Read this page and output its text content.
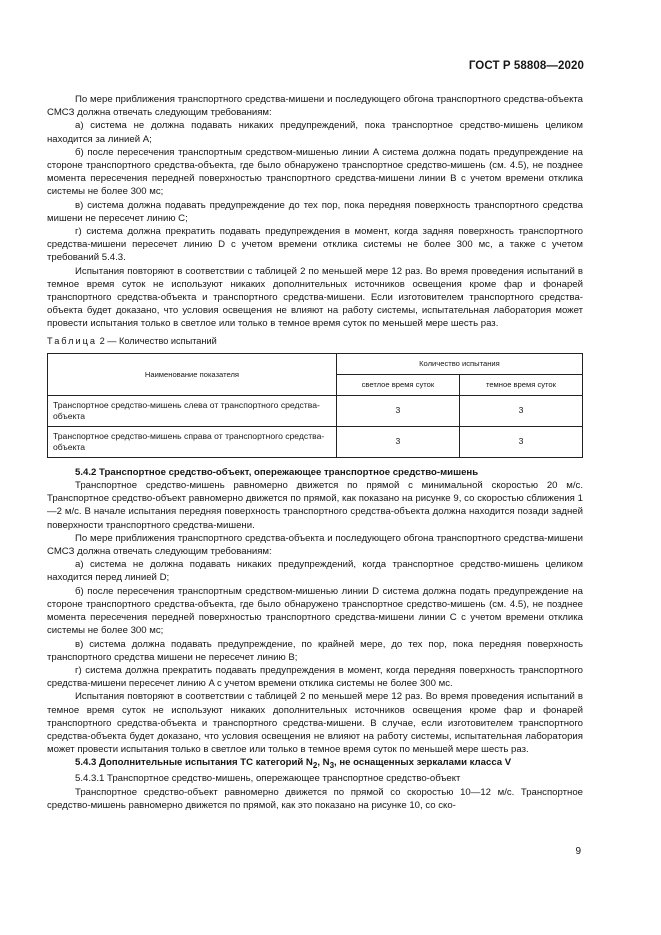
ГОСТ Р 58808—2020

По мере приближения транспортного средства-мишени и последующего обгона транспортного средства-объекта СМСЗ должна отвечать следующим требованиям:

а) система не должна подавать никаких предупреждений, пока транспортное средство-мишень целиком находится за линией A;

б) после пересечения транспортным средством-мишенью линии A система должна подать предупреждение на стороне транспортного средства-объекта, где было обнаружено транспортное средство-мишень (см. 4.5), не позднее момента пересечения передней поверхностью транспортного средства-мишени линии B с учетом времени отклика системы не более 300 мс;

в) система должна подавать предупреждение до тех пор, пока передняя поверхность транспортного средства мишени не пересечет линию C;

г) система должна прекратить подавать предупреждения в момент, когда задняя поверхность транспортного средства-мишени пересечет линию D с учетом времени отклика системы не более 300 мс, а также с учетом требований 5.4.3.

Испытания повторяют в соответствии с таблицей 2 по меньшей мере 12 раз. Во время проведения испытаний в темное время суток не используют никаких дополнительных источников освещения кроме фар и фонарей транспортного средства-объекта и транспортного средства-мишени. Если изготовителем транспортного средства-объекта будет доказано, что условия освещения не влияют на работу системы, испытательная лаборатория может провести испытания только в светлое или только в темное время суток по меньшей мере шесть раз.

Таблица 2 — Количество испытаний
Наименование показателя	Количество испытания	
	светлое время суток	темное время суток
Транспортное средство-мишень слева от транспортного средства-объекта	3	3
Транспортное средство-мишень справа от транспортного средства-объекта	3	3

5.4.2 Транспортное средство-объект, опережающее транспортное средство-мишень

Транспортное средство-мишень равномерно движется по прямой с минимальной скоростью 20 м/с. Транспортное средство-объект равномерно движется по прямой, как показано на рисунке 9, со скоростью сближения 1—2 м/с. В начале испытания передняя поверхность транспортного средства-объекта должна находится позади задней поверхности транспортного средства-мишени.

По мере приближения транспортного средства-объекта и последующего обгона транспортного средства-мишени СМСЗ должна отвечать следующим требованиям:

а) система не должна подавать никаких предупреждений, когда транспортное средство-мишень целиком находится перед линией D;

б) после пересечения транспортным средством-мишенью линии D система должна подать предупреждение на стороне транспортного средства-объекта, где было обнаружено транспортное средство-мишень (см. 4.5), не позднее момента пересечения передней поверхностью транспортного средства-мишени линии C с учетом времени отклика системы не более 300 мс;

в) система должна подавать предупреждение, по крайней мере, до тех пор, пока передняя поверхность транспортного средства мишени не пересечет линию B;

г) система должна прекратить подавать предупреждения в момент, когда передняя поверхность транспортного средства-мишени пересечет линию A с учетом времени отклика системы не более 300 мс.

Испытания повторяют в соответствии с таблицей 2 по меньшей мере 12 раз. Во время проведения испытаний в темное время суток не используют никаких дополнительных источников освещения кроме фар и фонарей транспортного средства-объекта и транспортного средства-мишени. В случае, если изготовителем транспортного средства-объекта будет доказано, что условия освещения не влияют на работу системы, испытательная лаборатория может провести испытания только в светлое или только в темное время суток по меньшей мере шесть раз.

5.4.3 Дополнительные испытания ТС категорий $N_2$, $N_3$, не оснащенных зеркалами класса V

5.4.3.1 Транспортное средство-мишень, опережающее транспортное средство-объект

Транспортное средство-объект равномерно движется по прямой со скоростью 10—12 м/с. Транспортное средство-мишень равномерно движется по прямой, как это показано на рисунке 10, со ско-

9
